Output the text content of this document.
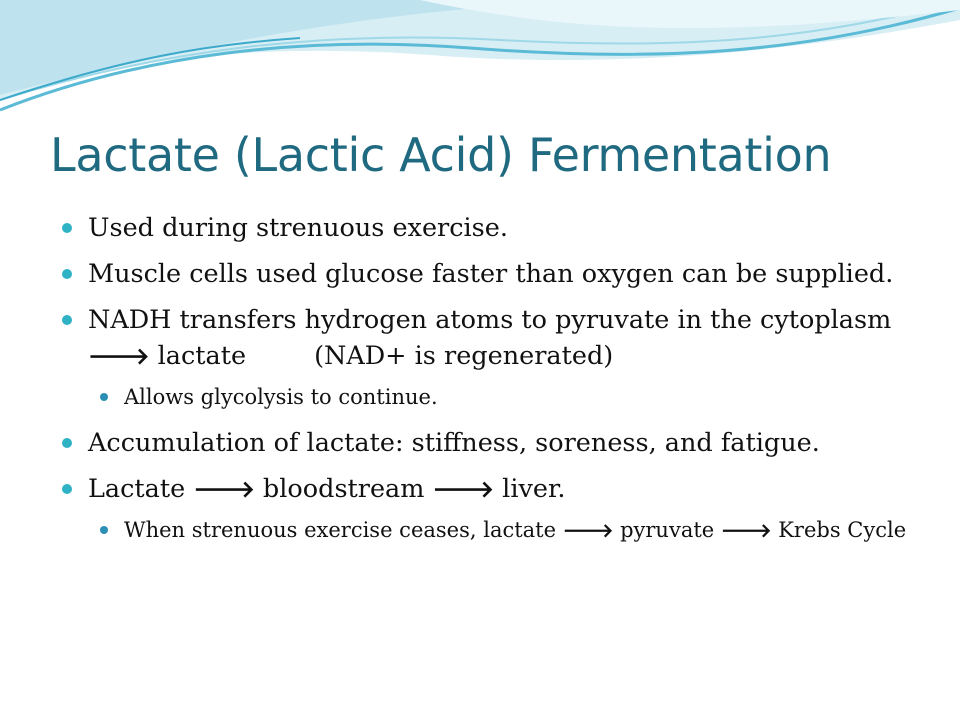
Lactate (Lactic Acid) Fermentation
Used during strenuous exercise.
Muscle cells used glucose faster than oxygen can be supplied.
NADH transfers hydrogen atoms to pyruvate in the cytoplasm 🡒 lactate	(NAD+ is regenerated)
Allows glycolysis to continue.
Accumulation of lactate: stiffness, soreness, and fatigue.
Lactate 🡒 bloodstream 🡒 liver.
When strenuous exercise ceases, lactate 🡒 pyruvate 🡒 Krebs Cycle
